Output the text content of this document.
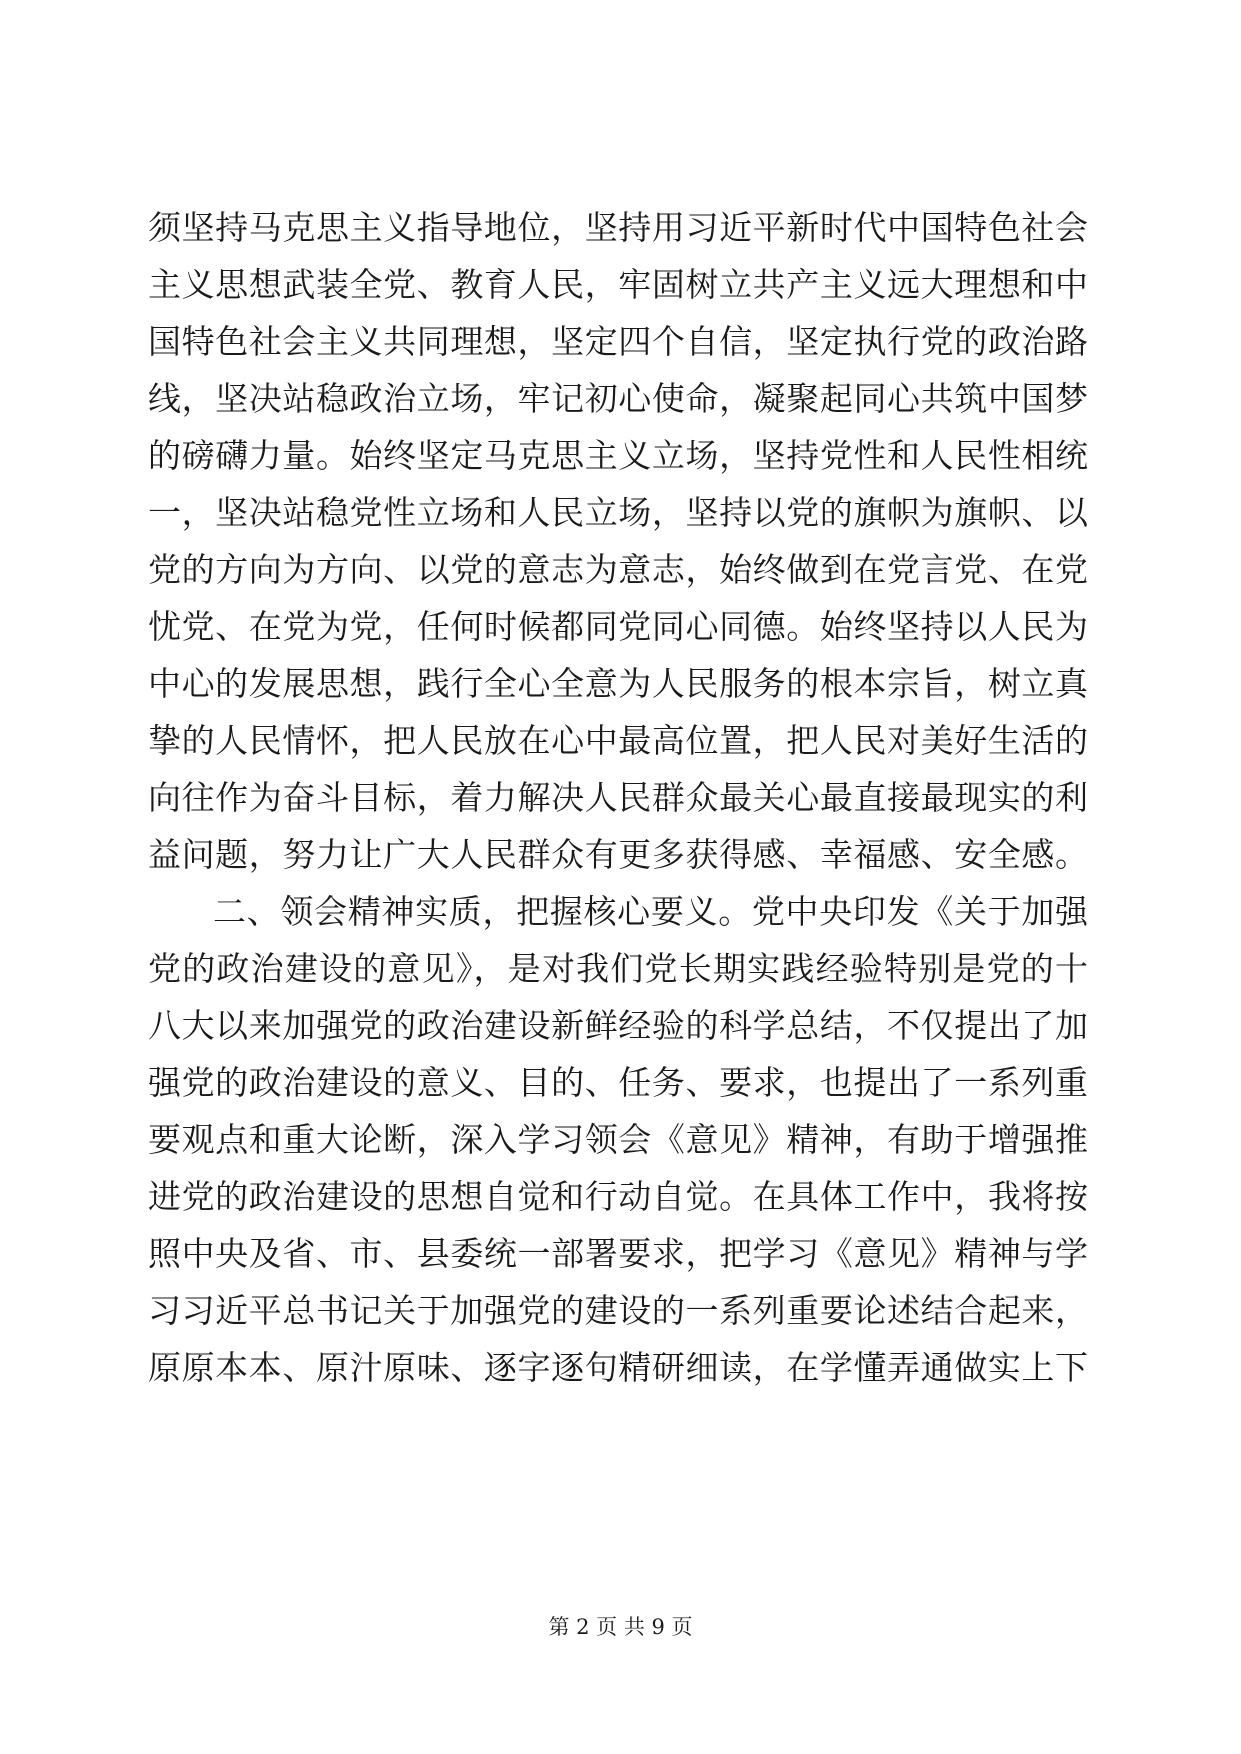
须坚持马克思主义指导地位，坚持用习近平新时代中国特色社会
主义思想武装全党、教育人民，牢固树立共产主义远大理想和中
国特色社会主义共同理想，坚定四个自信，坚定执行党的政治路
线，坚决站稳政治立场，牢记初心使命，凝聚起同心共筑中国梦
的磅礴力量。始终坚定马克思主义立场，坚持党性和人民性相统
一，坚决站稳党性立场和人民立场，坚持以党的旗帜为旗帜、以
党的方向为方向、以党的意志为意志，始终做到在党言党、在党
忧党、在党为党，任何时候都同党同心同德。始终坚持以人民为
中心的发展思想，践行全心全意为人民服务的根本宗旨，树立真
挚的人民情怀，把人民放在心中最高位置，把人民对美好生活的
向往作为奋斗目标，着力解决人民群众最关心最直接最现实的利
益问题，努力让广大人民群众有更多获得感、幸福感、安全感。
二、领会精神实质，把握核心要义。党中央印发《关于加强
党的政治建设的意见》，是对我们党长期实践经验特别是党的十
八大以来加强党的政治建设新鲜经验的科学总结，不仅提出了加
强党的政治建设的意义、目的、任务、要求，也提出了一系列重
要观点和重大论断，深入学习领会《意见》精神，有助于增强推
进党的政治建设的思想自觉和行动自觉。在具体工作中，我将按
照中央及省、市、县委统一部署要求，把学习《意见》精神与学
习习近平总书记关于加强党的建设的一系列重要论述结合起来，
原原本本、原汁原味、逐字逐句精研细读，在学懂弄通做实上下
第 2 页 共 9 页
